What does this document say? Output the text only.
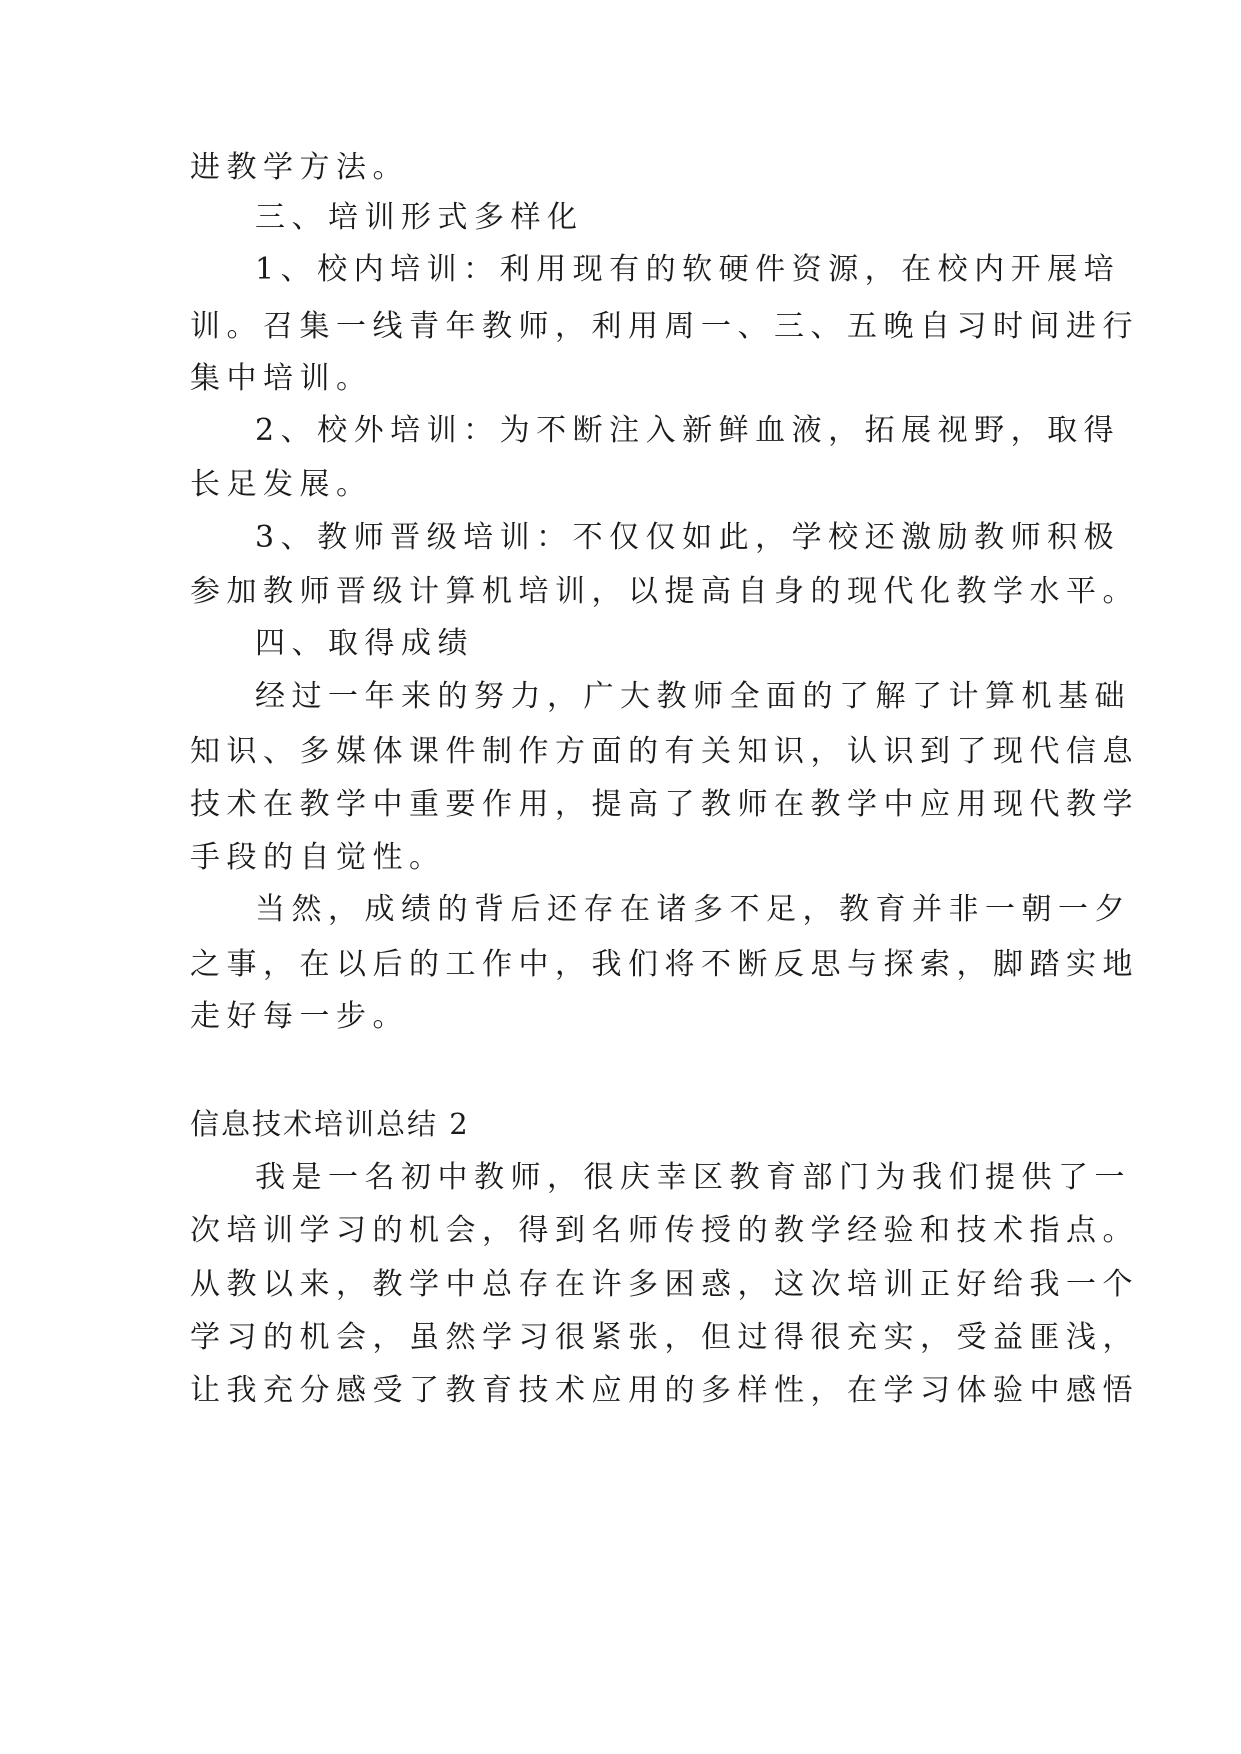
进教学方法。
三、培训形式多样化
1、校内培训：利用现有的软硬件资源，在校内开展培
训。召集一线青年教师，利用周一、三、五晚自习时间进行
集中培训。
2、校外培训：为不断注入新鲜血液，拓展视野，取得
长足发展。
3、教师晋级培训：不仅仅如此，学校还激励教师积极
参加教师晋级计算机培训，以提高自身的现代化教学水平。
四、取得成绩
经过一年来的努力，广大教师全面的了解了计算机基础
知识、多媒体课件制作方面的有关知识，认识到了现代信息
技术在教学中重要作用，提高了教师在教学中应用现代教学
手段的自觉性。
当然，成绩的背后还存在诸多不足，教育并非一朝一夕
之事，在以后的工作中，我们将不断反思与探索，脚踏实地
走好每一步。
信息技术培训总结 2
我是一名初中教师，很庆幸区教育部门为我们提供了一
次培训学习的机会，得到名师传授的教学经验和技术指点。
从教以来，教学中总存在许多困惑，这次培训正好给我一个
学习的机会，虽然学习很紧张，但过得很充实，受益匪浅，
让我充分感受了教育技术应用的多样性，在学习体验中感悟
